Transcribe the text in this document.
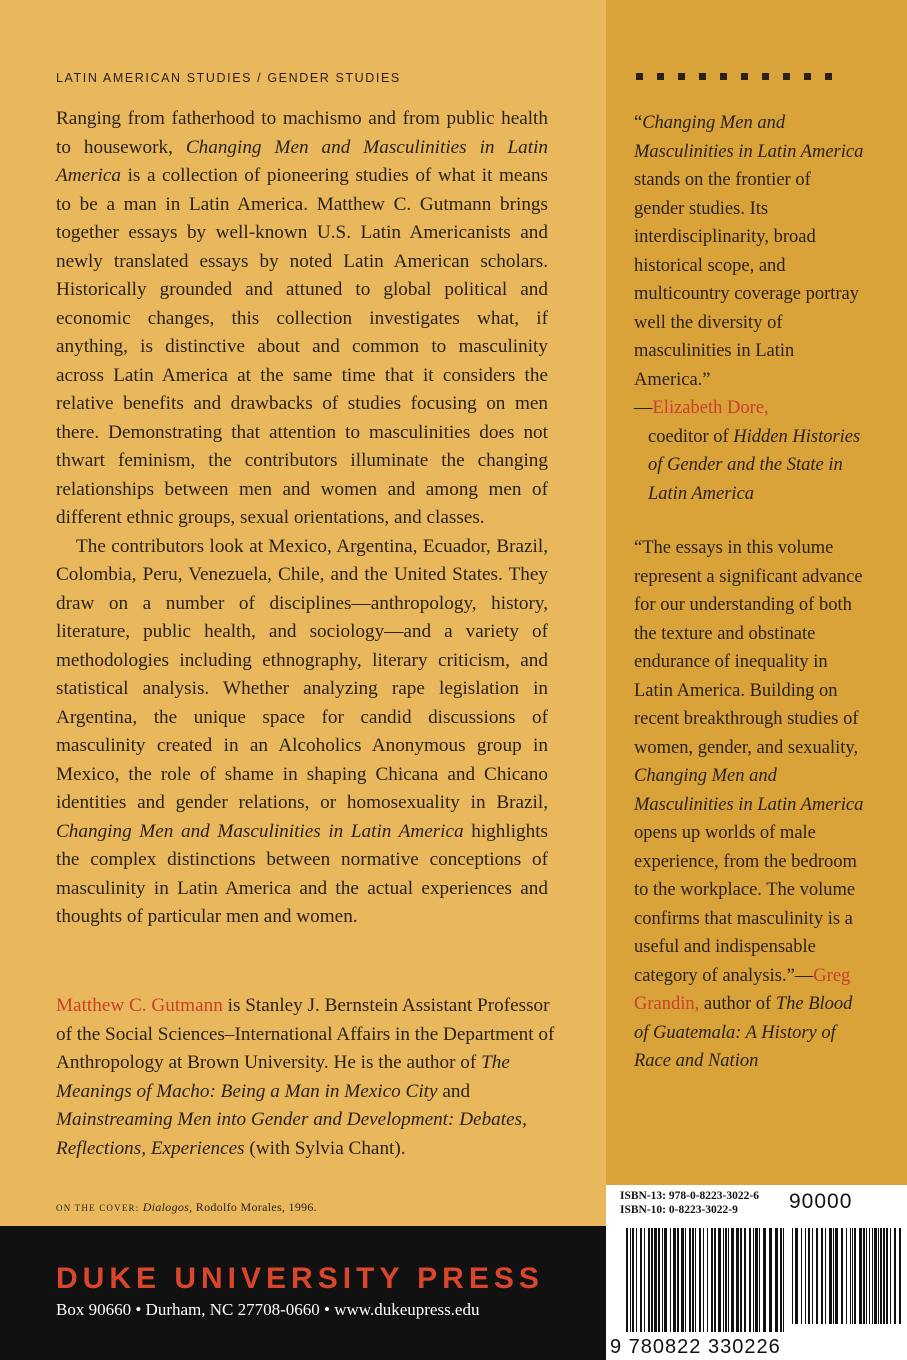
LATIN AMERICAN STUDIES / GENDER STUDIES

Ranging from fatherhood to machismo and from public health to housework, Changing Men and Masculinities in Latin America is a collection of pioneering studies of what it means to be a man in Latin America. Matthew C. Gutmann brings together essays by well-known U.S. Latin Americanists and newly translated essays by noted Latin American scholars. Historically grounded and attuned to global political and economic changes, this collection investigates what, if anything, is distinctive about and common to masculinity across Latin America at the same time that it considers the relative benefits and drawbacks of studies focusing on men there. Demonstrating that attention to masculinities does not thwart feminism, the contributors illuminate the changing relationships between men and women and among men of different ethnic groups, sexual orientations, and classes.

The contributors look at Mexico, Argentina, Ecuador, Brazil, Colombia, Peru, Venezuela, Chile, and the United States. They draw on a number of disciplines—anthropology, history, literature, public health, and sociology—and a variety of methodologies including ethnography, literary criticism, and statistical analysis. Whether analyzing rape legislation in Argentina, the unique space for candid discussions of masculinity created in an Alcoholics Anonymous group in Mexico, the role of shame in shaping Chicana and Chicano identities and gender relations, or homosexuality in Brazil, Changing Men and Masculinities in Latin America highlights the complex distinctions between normative conceptions of masculinity in Latin America and the actual experiences and thoughts of particular men and women.

Matthew C. Gutmann is Stanley J. Bernstein Assistant Professor of the Social Sciences–International Affairs in the Department of Anthropology at Brown University. He is the author of The Meanings of Macho: Being a Man in Mexico City and Mainstreaming Men into Gender and Development: Debates, Reflections, Experiences (with Sylvia Chant).
ON THE COVER: Dialogos, Rodolfo Morales, 1996.

“Changing Men and Masculinities in Latin America stands on the frontier of gender studies. Its interdisciplinarity, broad historical scope, and multicountry coverage portray well the diversity of masculinities in Latin America.”

—Elizabeth Dore,

coeditor of Hidden Histories of Gender and the State in Latin America

“The essays in this volume represent a significant advance for our understanding of both the texture and obstinate endurance of inequality in Latin America. Building on recent breakthrough studies of women, gender, and sexuality, Changing Men and Masculinities in Latin America opens up worlds of male experience, from the bedroom to the workplace. The volume confirms that masculinity is a useful and indispensable category of analysis.”—Greg Grandin, author of The Blood of Guatemala: A History of Race and Nation

ISBN-13: 978-0-8223-3022-6
ISBN-10: 0-8223-3022-9
DUKE UNIVERSITY PRESS
Box 90660 • Durham, NC 27708-0660 • www.dukeupress.edu
9 780822 330226
90000
